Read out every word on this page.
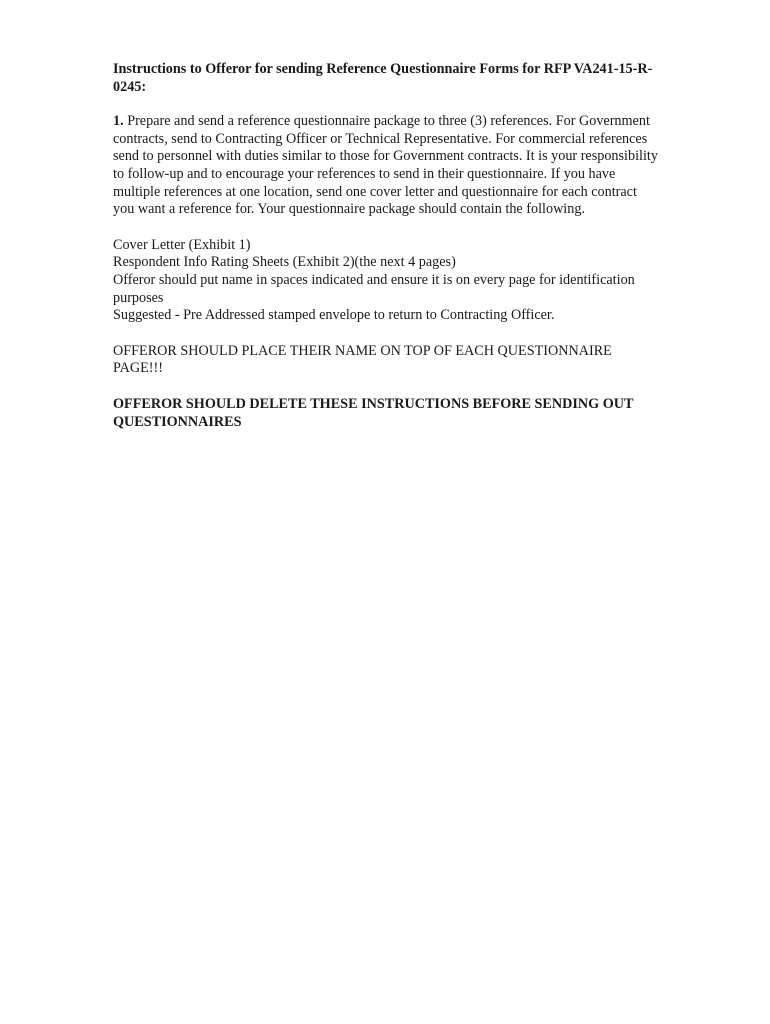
Instructions to Offeror for sending Reference Questionnaire Forms for RFP VA241-15-R-0245:

1. Prepare and send a reference questionnaire package to three (3) references. For Government contracts, send to Contracting Officer or Technical Representative. For commercial references send to personnel with duties similar to those for Government contracts. It is your responsibility to follow-up and to encourage your references to send in their questionnaire. If you have multiple references at one location, send one cover letter and questionnaire for each contract you want a reference for. Your questionnaire package should contain the following.

Cover Letter (Exhibit 1)
Respondent Info Rating Sheets (Exhibit 2)(the next 4 pages)
Offeror should put name in spaces indicated and ensure it is on every page for identification purposes
Suggested - Pre Addressed stamped envelope to return to Contracting Officer.

OFFEROR SHOULD PLACE THEIR NAME ON TOP OF EACH QUESTIONNAIRE PAGE!!!

OFFEROR SHOULD DELETE THESE INSTRUCTIONS BEFORE SENDING OUT QUESTIONNAIRES
